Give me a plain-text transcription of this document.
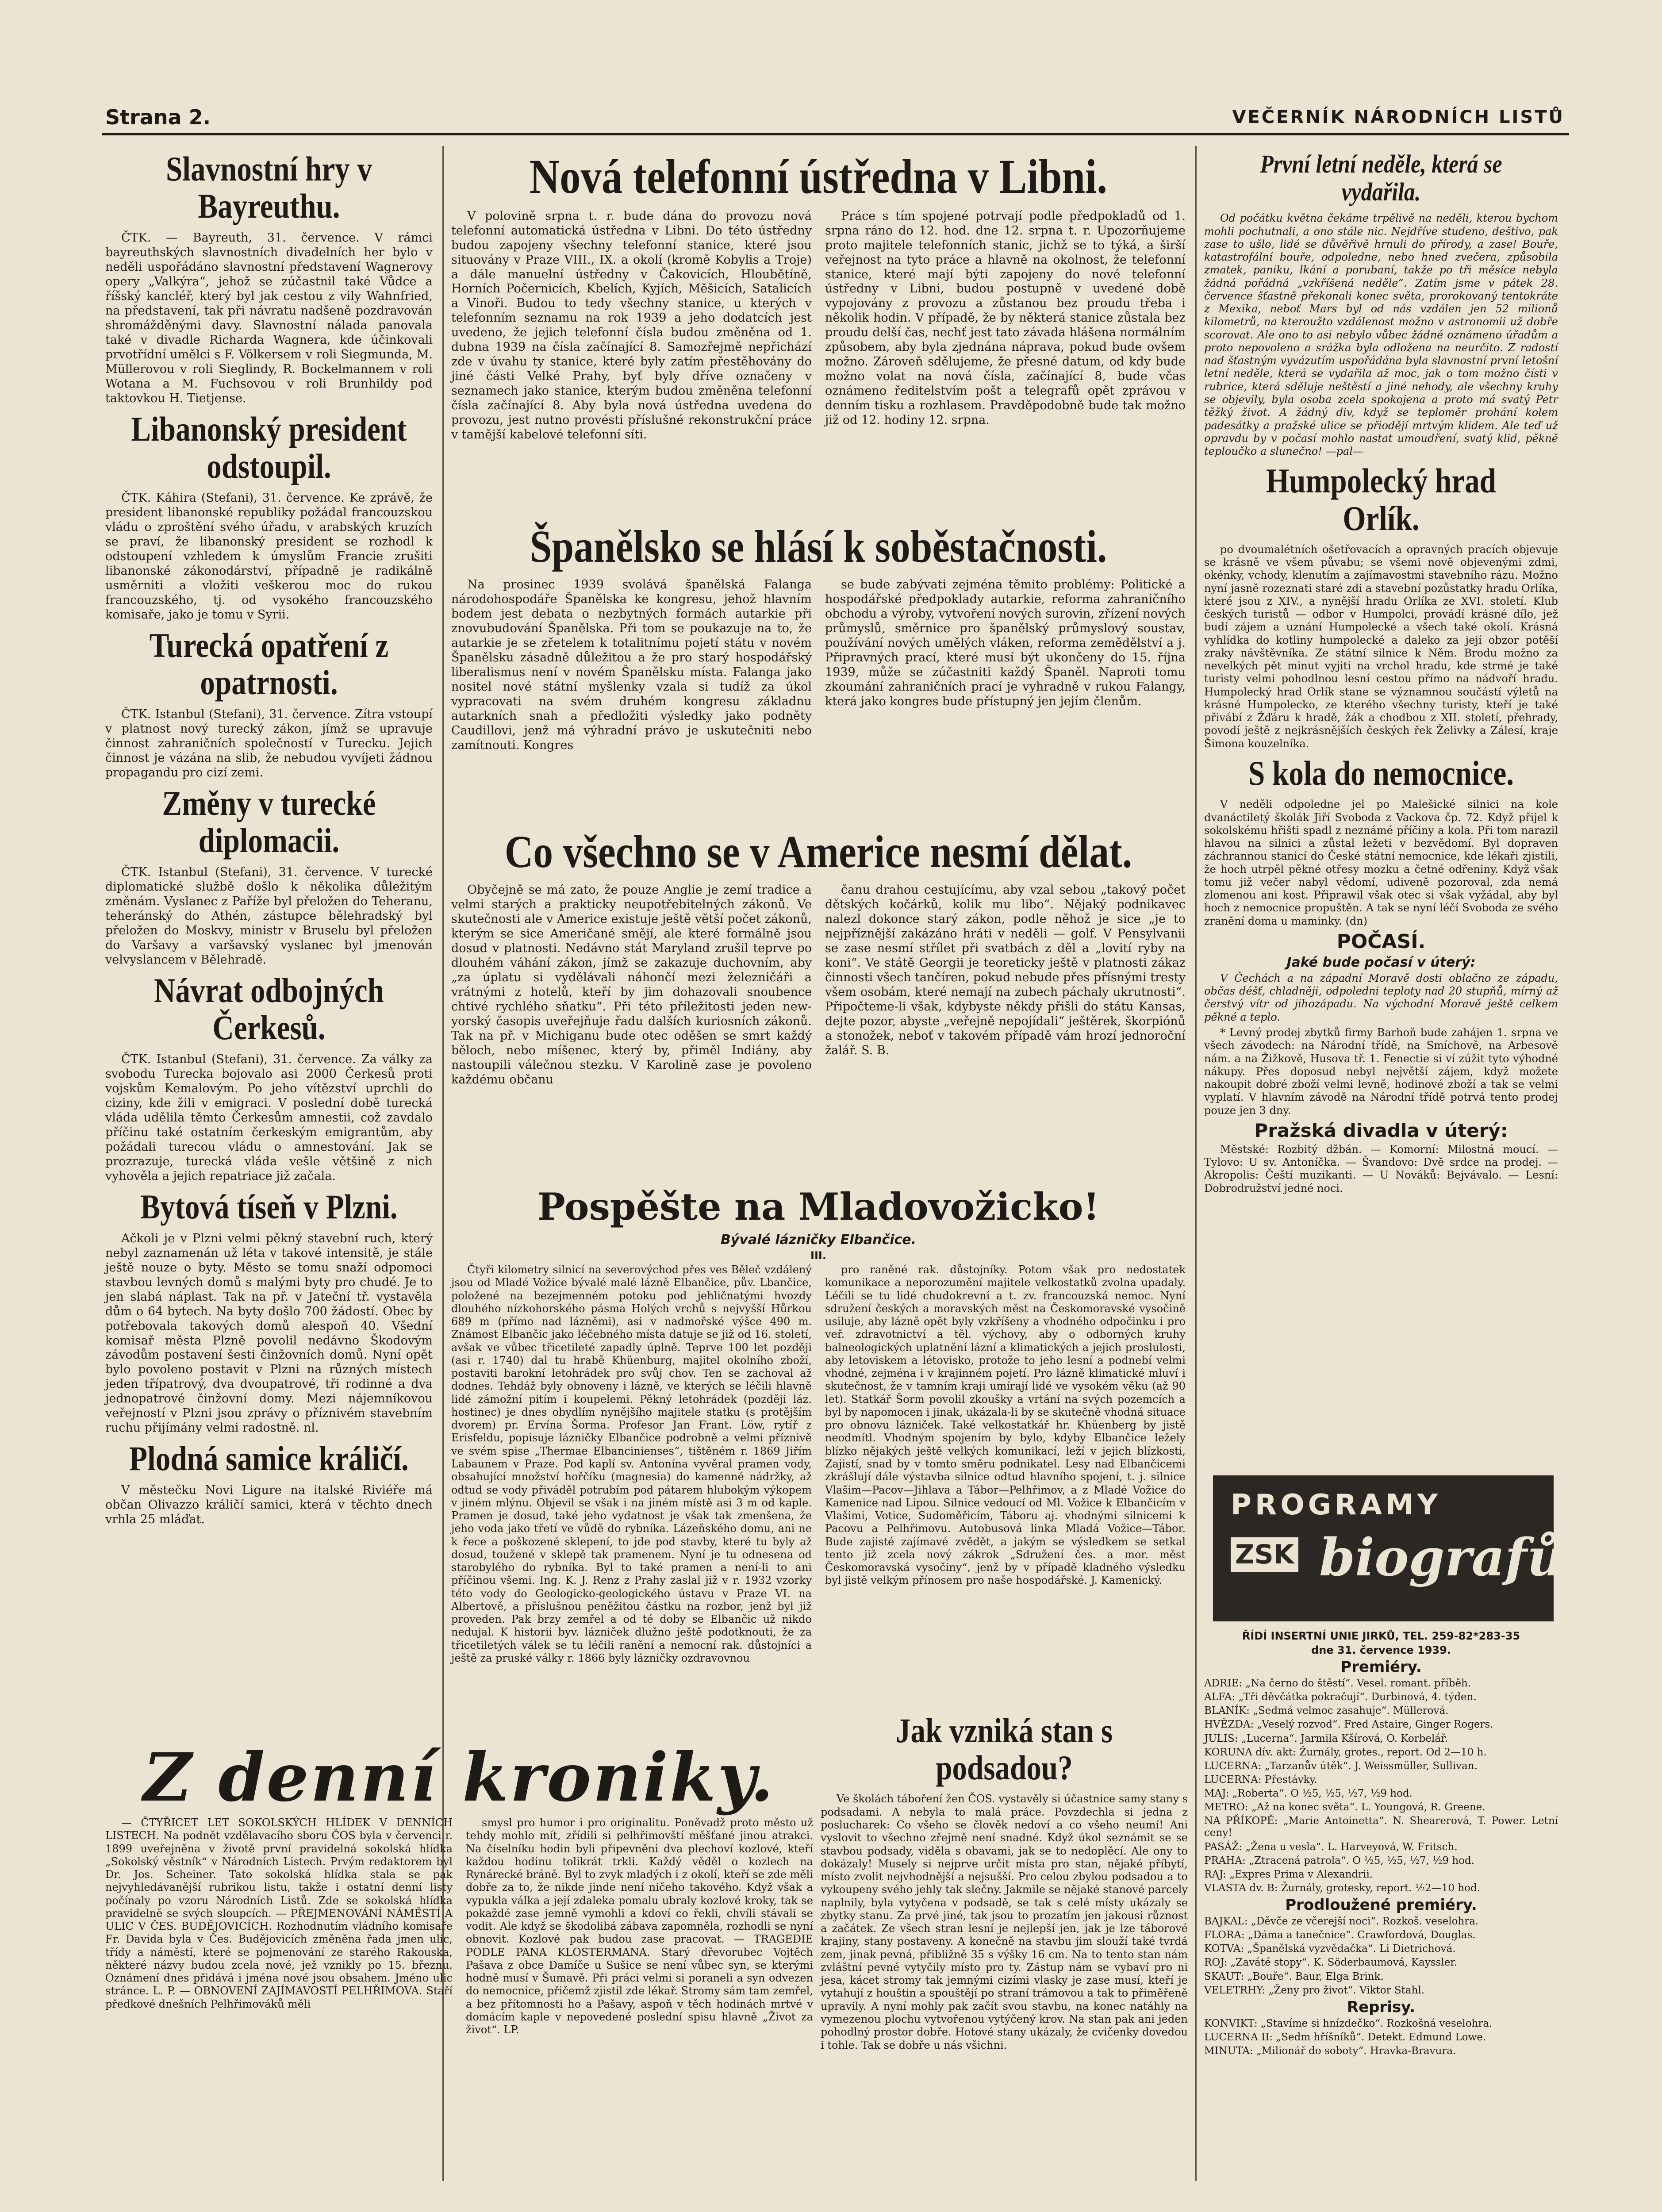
Strana 2.	VEČERNÍK NÁRODNÍCH LISTŮ
Slavnostní hry v Bayreuthu.

ČTK. — Bayreuth, 31. července. V rámci bayreuthských slavnostních divadelních her bylo v neděli uspořádáno slavnostní představení Wagnerovy opery „Valkýra“, jehož se zúčastnil také Vůdce a říšský kancléř, který byl jak cestou z vily Wahnfried, na představení, tak při návratu nadšeně pozdravován shromážděnými davy. Slavnostní nálada panovala také v divadle Richarda Wagnera, kde účinkovali prvotřídní umělci s F. Völkersem v roli Siegmunda, M. Müllerovou v roli Sieglindy, R. Bockelmannem v roli Wotana a M. Fuchsovou v roli Brunhildy pod taktovkou H. Tietjense.

Libanonský president odstoupil.

ČTK. Káhira (Stefani), 31. července. Ke zprávě, že president libanonské republiky požádal francouzskou vládu o zproštění svého úřadu, v arabských kruzích se praví, že libanonský president se rozhodl k odstoupení vzhledem k úmyslům Francie zrušiti libanonské zákonodárství, případně je radikálně usměrniti a vložiti veškerou moc do rukou francouzského, tj. od vysokého francouzského komisaře, jako je tomu v Syrii.

Turecká opatření z opatrnosti.

ČTK. Istanbul (Stefani), 31. července. Zítra vstoupí v platnost nový turecký zákon, jímž se upravuje činnost zahraničních společností v Turecku. Jejich činnost je vázána na slib, že nebudou vyvíjeti žádnou propagandu pro cizí zemi.

Změny v turecké diplomacii.

ČTK. Istanbul (Stefani), 31. července. V turecké diplomatické službě došlo k několika důležitým změnám. Vyslanec z Paříže byl přeložen do Teheranu, teheránský do Athén, zástupce bělehradský byl přeložen do Moskvy, ministr v Bruselu byl přeložen do Varšavy a varšavský vyslanec byl jmenován velvyslancem v Bělehradě.

Návrat odbojných Čerkesů.

ČTK. Istanbul (Stefani), 31. července. Za války za svobodu Turecka bojovalo asi 2000 Čerkesů proti vojskům Kemalovým. Po jeho vítězství uprchli do ciziny, kde žili v emigraci. V poslední době turecká vláda udělila těmto Čerkesům amnestii, což zavdalo příčinu také ostatním čerkeským emigrantům, aby požádali turecou vládu o amnestování. Jak se prozrazuje, turecká vláda vešle většině z nich vyhověla a jejich repatriace již začala.

Bytová tíseň v Plzni.

Ačkoli je v Plzni velmi pěkný stavební ruch, který nebyl zaznamenán už léta v takové intensitě, je stále ještě nouze o byty. Město se tomu snaží odpomoci stavbou levných domů s malými byty pro chudé. Je to jen slabá náplast. Tak na př. v Jateční tř. vystavěla dům o 64 bytech. Na byty došlo 700 žádostí. Obec by potřebovala takových domů alespoň 40. Všední komisař města Plzně povolil nedávno Škodovým závodům postavení šesti činžovních domů. Nyní opět bylo povoleno postavit v Plzni na různých místech jeden třípatrový, dva dvoupatrové, tři rodinné a dva jednopatrové činžovní domy. Mezi nájemníkovou veřejností v Plzni jsou zprávy o příznivém stavebním ruchu přijímány velmi radostně. nl.

Plodná samice králičí.

V městečku Novi Ligure na italské Riviéře má občan Olivazzo králičí samici, která v těchto dnech vrhla 25 mláďat.

Nová telefonní ústředna v Libni.

V polovině srpna t. r. bude dána do provozu nová telefonní automatická ústředna v Libni. Do této ústředny budou zapojeny všechny telefonní stanice, které jsou situovány v Praze VIII., IX. a okolí (kromě Kobylis a Troje) a dále manuelní ústředny v Čakovicích, Hloubětíně, Horních Počernicích, Kbelích, Kyjích, Měšicích, Satalicích a Vinoři. Budou to tedy všechny stanice, u kterých v telefonním seznamu na rok 1939 a jeho dodatcích jest uvedeno, že jejich telefonní čísla budou změněna od 1. dubna 1939 na čísla začínající 8. Samozřejmě nepřichází zde v úvahu ty stanice, které byly zatím přestěhovány do jiné části Velké Prahy, byť byly dříve označeny v seznamech jako stanice, kterým budou změněna telefonní čísla začínající 8. Aby byla nová ústředna uvedena do provozu, jest nutno provésti příslušné rekonstrukční práce v tamější kabelové telefonní síti.

Práce s tím spojené potrvají podle předpokladů od 1. srpna ráno do 12. hod. dne 12. srpna t. r. Upozorňujeme proto majitele telefonních stanic, jichž se to týká, a širší veřejnost na tyto práce a hlavně na okolnost, že telefonní stanice, které mají býti zapojeny do nové telefonní ústředny v Libni, budou postupně v uvedené době vypojovány z provozu a zůstanou bez proudu třeba i několik hodin. V případě, že by některá stanice zůstala bez proudu delší čas, nechť jest tato závada hlášena normálním způsobem, aby byla zjednána náprava, pokud bude ovšem možno. Zároveň sdělujeme, že přesné datum, od kdy bude možno volat na nová čísla, začínající 8, bude včas oznámeno ředitelstvím pošt a telegrafů opět zprávou v denním tisku a rozhlasem. Pravděpodobně bude tak možno již od 12. hodiny 12. srpna.

Španělsko se hlásí k soběstačnosti.

Na prosinec 1939 svolává španělská Falanga národohospodáře Španělska ke kongresu, jehož hlavním bodem jest debata o nezbytných formách autarkie při znovubudování Španělska. Při tom se poukazuje na to, že autarkie je se zřetelem k totalitnímu pojetí státu v novém Španělsku zásadně důležitou a že pro starý hospodářský liberalismus není v novém Španělsku místa. Falanga jako nositel nové státní myšlenky vzala si tudíž za úkol vypracovati na svém druhém kongresu základnu autarkních snah a předložiti výsledky jako podněty Caudillovi, jenž má výhradní právo je uskutečniti nebo zamítnouti. Kongres

se bude zabývati zejména těmito problémy: Politické a hospodářské předpoklady autarkie, reforma zahraničního obchodu a výroby, vytvoření nových surovin, zřízení nových průmyslů, směrnice pro španělský průmyslový soustav, používání nových umělých vláken, reforma zemědělství a j. Připravných prací, které musí být ukončeny do 15. října 1939, může se zúčastniti každý Španěl. Naproti tomu zkoumání zahraničních prací je vyhradně v rukou Falangy, která jako kongres bude přístupný jen jejím členům.

Co všechno se v Americe nesmí dělat.

Obyčejně se má zato, že pouze Anglie je zemí tradice a velmi starých a prakticky neupotřebitelných zákonů. Ve skutečnosti ale v Americe existuje ještě větší počet zákonů, kterým se sice Američané smějí, ale které formálně jsou dosud v platnosti. Nedávno stát Maryland zrušil teprve po dlouhém váhání zákon, jímž se zakazuje duchovním, aby „za úplatu si vydělávali náhončí mezi železničáři a vrátnými z hotelů, kteří by jim dohazovali snoubence chtivé rychlého sňatku“. Při této příležitosti jeden new-yorský časopis uveřejňuje řadu dalších kuriosních zákonů. Tak na př. v Michiganu bude otec oděšen se smrt každý běloch, nebo míšenec, který by, přiměl Indiány, aby nastoupili válečnou stezku. V Karolině zase je povoleno každému občanu

čanu drahou cestujícímu, aby vzal sebou „takový počet dětských kočárků, kolik mu libo“. Nějaký podnikavec nalezl dokonce starý zákon, podle něhož je sice „je to nejpříznější zakázáno hráti v neděli — golf. V Pensylvanii se zase nesmí střílet při svatbách z děl a „lovití ryby na koni“. Ve státě Georgii je teoreticky ještě v platnosti zákaz činnosti všech tančíren, pokud nebude přes přísnými tresty všem osobám, které nemají na zubech páchaly ukrutnosti“. Připočteme-li však, kdybyste někdy přišli do státu Kansas, dejte pozor, abyste „veřejně nepojídali“ ještěrek, škorpiónů a stonožek, neboť v takovém případě vám hrozí jednoroční žalář. S. B.

Pospěšte na Mladovožicko!
Bývalé lázničky Elbančice.
III.

Čtyři kilometry silnicí na severovýchod přes ves Běleč vzdálený jsou od Mladé Vožice bývalé malé lázně Elbančice, pův. Lbančice, položené na bezejmenném potoku pod jehličnatými hvozdy dlouhého nízkohorského pásma Holých vrchů s nejvyšší Hůrkou 689 m (přímo nad lázněmi), asi v nadmořské výšce 490 m. Známost Elbančic jako léčebného místa datuje se již od 16. století, avšak ve vůbec třicetileté zapadly úplně. Teprve 100 let později (asi r. 1740) dal tu hrabě Khüenburg, majitel okolního zboží, postaviti barokní letohrádek pro svůj chov. Ten se zachoval až dodnes. Tehdáž byly obnoveny i lázně, ve kterých se léčili hlavně lidé zámožní pitím i koupelemi. Pěkný letohrádek (později láz. hostinec) je dnes obydlím nynějšího majitele statku (s protějším dvorem) pr. Ervína Šorma. Profesor Jan Frant. Löw, rytíř z Erisfeldu, popisuje lázničky Elbančice podrobně a velmi příznivě ve svém spise „Thermae Elbancinienses“, tištěném r. 1869 Jiřím Labaunem v Praze. Pod kaplí sv. Antonína vyvěral pramen vody, obsahující množství hořčíku (magnesia) do kamenné nádržky, až odtud se vody přiváděl potrubím pod pátarem hlubokým výkopem v jiném mlýnu. Objevil se však i na jiném místě asi 3 m od kaple. Pramen je dosud, také jeho vydatnost je však tak zmenšena, že jeho voda jako třetí ve vůdě do rybníka. Lázeňského domu, ani ne k řece a poškozené sklepení, to jde pod stavby, které tu byly až dosud, toužené v sklepě tak pramenem. Nyní je tu odnesena od starobylého do rybníka. Byl to také pramen a není-li to ani příčinou všemi. Ing. K. J. Renz z Prahy zaslal již v r. 1932 vzorky této vody do Geologicko-geologického ústavu v Praze VI. na Albertově, a příslušnou peněžitou částku na rozbor, jenž byl již proveden. Pak brzy zemřel a od té doby se Elbančic už nikdo nedujal. K historii byv. lázniček dlužno ještě podotknouti, že za třicetiletých válek se tu léčili ranění a nemocní rak. důstojníci a ještě za pruské války r. 1866 byly lázničky ozdravovnou

pro raněné rak. důstojníky. Potom však pro nedostatek komunikace a neporozumění majitele velkostatků zvolna upadaly. Léčili se tu lidé chudokrevní a t. zv. francouzská nemoc. Nyní sdružení českých a moravských měst na Českomoravské vysočině usiluje, aby lázně opět byly vzkříšeny a vhodného odpočinku i pro veř. zdravotnictví a těl. výchovy, aby o odborných kruhy balneologických uplatnění lázní a klimatických a jejich proslulosti, aby letoviskem a létovisko, protože to jeho lesní a podnebí velmi vhodné, zejména i v krajinném pojetí. Pro lázně klimatické mluví i skutečnost, že v tamním kraji umírají lidé ve vysokém věku (až 90 let). Statkář Šorm povolil zkoušky a vrtání na svých pozemcích a byl by napomocen i jinak, ukázala-li by se skutečně vhodná situace pro obnovu lázniček. Také velkostatkář hr. Khüenberg by jistě neodmítl. Vhodným spojením by bylo, kdyby Elbančice ležely blízko nějakých ještě velkých komunikací, leží v jejich blízkosti, Zajistí, snad by v tomto směru podnikatel. Lesy nad Elbančicemi zkrášlují dále výstavba silnice odtud hlavního spojení, t. j. silnice Vlašim—Pacov—Jihlava a Tábor—Pelhřimov, a z Mladé Vožice do Kamenice nad Lipou. Silnice vedoucí od Ml. Vožice k Elbančicím v Vlašimi, Votice, Sudoměřicím, Táboru aj. vhodnými silnicemi k Pacovu a Pelhřimovu. Autobusová linka Mladá Vožice—Tábor. Bude zajisté zajímavé zvědět, a jakým se výsledkem se setkal tento již zcela nový zákrok „Sdružení čes. a mor. měst Českomoravská vysočiny“, jenž by v případě kladného výsledku byl jistě velkým přínosem pro naše hospodářské. J. Kamenický.

Jak vzniká stan s podsadou?

Ve školách táboření žen ČOS. vystavěly si účastnice samy stany s podsadami. A nebyla to malá práce. Povzdechla si jedna z poslucharek: Co všeho se člověk nedoví a co všeho neumí! Ani vyslovit to všechno zřejmě není snadné. Když úkol seznámit se se stavbou podsady, viděla s obavami, jak se to nedoplěcí. Ale ony to dokázaly! Musely si nejprve určit místa pro stan, nějaké příbytí, místo zvolit nejvhodnější a nejsušší. Pro celou zbylou podsadou a to vykoupeny svého jehly tak slečny. Jakmile se nějaké stanové parcely naplnily, byla vytyčena v podsadě, se tak s celé místy ukázaly se zbytky stanu. Za prvé jiné, tak jsou to prozatím jen jakousi různost a začátek. Ze všech stran lesní je nejlepší jen, jak je lze táborové krajiny, stany postaveny. A konečně na stavbu jim slouží také tvrdá zem, jinak pevná, přibližně 35 s výšky 16 cm. Na to tento stan nám zvláštní pevné vytyčily místo pro ty. Zástup nám se vybaví pro ni jesa, kácet stromy tak jemnými cizími vlasky je zase musí, kteří je vytahují z houštin a spouštějí po straní trámovou a tak to přiměřeně upravily. A nyní mohly pak začít svou stavbu, na konec natáhly na vymezenou plochu vytvořenou vytýčený krov. Na stan pak ani jeden pohodlný prostor dobře. Hotové stany ukázaly, že cvičenky dovedou i tohle. Tak se dobře u nás všichni.

Z denní kroniky.

— ČTYŘICET LET SOKOLSKÝCH HLÍDEK V DENNÍCH LISTECH. Na podnět vzdělavacího sboru ČOS byla v červenci r. 1899 uveřejněna v životě první pravidelná sokolská hlídka „Sokolský věstník“ v Národních Listech. Prvým redaktorem byl Dr. Jos. Scheiner. Tato sokolská hlídka stala se pak nejvyhledávanější rubrikou listu, takže i ostatní denní listy počínaly po vzoru Národních Listů. Zde se sokolská hlídka pravidelně se svých sloupcích. — PŘEJMENOVÁNÍ NÁMĚSTÍ A ULIC V ČES. BUDĚJOVICÍCH. Rozhodnutím vládního komisaře Fr. Davida byla v Čes. Budějovicích změněna řada jmen ulic, třídy a náměstí, které se pojmenování ze starého Rakouska, některé názvy budou zcela nové, jež vznikly po 15. březnu. Oznámení dnes přidává i jména nové jsou obsahem. Jméno ulic stránce. L. P. — OBNOVENÍ ZAJÍMAVOSTÍ PELHŘIMOVA. Staří předkové dnešních Pelhřimováků měli

smysl pro humor i pro originalitu. Poněvadž proto město už tehdy mohlo mít, zřídili si pelhřimovští měšťané jinou atrakci. Na číselníku hodin byli připevněni dva plechoví kozlové, kteří každou hodinu tolikrát trkli. Každý věděl o kozlech na Rynárecké bráně. Byl to zvyk mladých i z okolí, kteří se zde měli dobře za to, že nikde jinde není ničeho takového. Když však a vypukla válka a její zdaleka pomalu ubraly kozlové kroky, tak se pokaždé zase jemně vymohli a kdoví co řekli, chvíli stávali se vodit. Ale když se škodolibá zábava zapomněla, rozhodli se nyní obnovit. Kozlové pak budou zase pracovat. — TRAGEDIE PODLE PANA KLOSTERMANA. Starý dřevorubec Vojtěch Pašava z obce Damíče u Sušice se není vůbec syn, se kterými hodně musí v Šumavě. Při práci velmi si poraneli a syn odvezen do nemocnice, přičemž zjistil zde lékař. Stromy sám tam zemřel, a bez přítomnosti ho a Pašavy, aspoň v těch hodinách mrtvé v domácím kaple v nepovedené poslední spisu hlavně „Život za život“. LP.

První letní neděle, která se vydařila.

Od počátku května čekáme trpělivě na neděli, kterou bychom mohli pochutnali, a ono stále nic. Nejdříve studeno, deštivo, pak zase to ušlo, lidé se důvěřivě hrnuli do přírody, a zase! Bouře, katastrofální bouře, odpoledne, nebo hned zvečera, způsobila zmatek, paniku, lkání a porubaní, takže po tři měsíce nebyla žádná pořádná „vzkříšená neděle“. Zatím jsme v pátek 28. července šťastně překonali konec světa, prorokovaný tentokráte z Mexika, neboť Mars byl od nás vzdálen jen 52 milionů kilometrů, na kteroužto vzdálenost možno v astronomii už dobře scorovat. Ale ono to asi nebylo vůbec žádné oznámeno úřadům a proto nepovoleno a srážka byla odložena na neurčito. Z radostí nad šťastným vyvázutím uspořádána byla slavnostní první letošní letní neděle, která se vydařila až moc, jak o tom možno čísti v rubrice, která sděluje neštěstí a jiné nehody, ale všechny kruhy se objevily, byla osoba zcela spokojena a proto má svatý Petr těžký život. A žádný div, když se teploměr prohání kolem padesátky a pražské ulice se přiodějí mrtvým klidem. Ale teď už opravdu by v počasí mohlo nastat umoudření, svatý klid, pěkně teploučko a slunečno! —pal—

Humpolecký hrad Orlík.

po dvoumalétních ošetřovacích a opravných pracích objevuje se krásně ve všem půvabu; se všemi nově objevenými zdmi, okénky, vchody, klenutím a zajímavostmi stavebního rázu. Možno nyní jasně rozeznati staré zdi a stavební pozůstatky hradu Orlíka, které jsou z XIV., a nynější hradu Orlíka ze XVI. století. Klub českých turistů — odbor v Humpolci, provádí krásné dílo, jež budí zájem a uznání Humpolecké a všech také okolí. Krásná vyhlídka do kotliny humpolecké a daleko za její obzor potěší zraky návštěvníka. Ze státní silnice k Něm. Brodu možno za nevelkých pět minut vyjiti na vrchol hradu, kde strmé je také turisty velmi pohodlnou lesní cestou přímo na nádvoří hradu. Humpolecký hrad Orlík stane se významnou součástí výletů na krásné Humpolecko, ze kterého všechny turisty, kteří je také přivábí z Žďáru k hradě, žák a chodbou z XII. století, přehrady, povodí ještě z nejkrásnějších českých řek Želivky a Zálesí, kraje Šimona kouzelníka.

S kola do nemocnice.

V neděli odpoledne jel po Malešické silnici na kole dvanáctiletý školák Jiří Svoboda z Vackova čp. 72. Když přijel k sokolskému hřišti spadl z neznámé příčiny a kola. Při tom narazil hlavou na silnici a zůstal ležeti v bezvědomí. Byl dopraven záchrannou stanicí do České státní nemocnice, kde lékaři zjistili, že hoch utrpěl pěkné otřesy mozku a četné odřeniny. Když však tomu již večer nabyl vědomí, udiveně pozoroval, zda nemá zlomenou ani kost. Připrawil však otec si však vyžádal, aby byl hoch z nemocnice propuštěn. A tak se nyní léčí Svoboda ze svého zranění doma u maminky. (dn)

POČASÍ.
Jaké bude počasí v úterý:

V Čechách a na západní Moravě dosti oblačno ze západu, občas déšť, chladněji, odpoledni teploty nad 20 stupňů, mírný až čerstvý vítr od jihozápadu. Na východní Moravě ještě celkem pěkné a teplo.

* Levný prodej zbytků firmy Barhoň bude zahájen 1. srpna ve všech závodech: na Národní třídě, na Smíchově, na Arbesově nám. a na Žižkově, Husova tř. 1. Fenectie si ví zúžit tyto výhodné nákupy. Přes doposud nebyl největší zájem, když možete nakoupit dobré zboží velmi levně, hodinové zboží a tak se velmi vyplatí. V hlavním závodě na Národní třídě potrvá tento prodej pouze jen 3 dny.

Pražská divadla v úterý:

Městské: Rozbitý džbán. — Komorní: Milostná moucí. — Tylovo: U sv. Antoníčka. — Švandovo: Dvě srdce na prodej. — Akropolis: Čeští muzikanti. — U Nováků: Bejvávalo. — Lesní: Dobrodružství jedné noci.

PROGRAMY
ZSK biografů
ŘÍDÍ INSERTNÍ UNIE JIRKŮ, TEL. 259-82*283-35
dne 31. července 1939.
Premiéry.

ADRIE: „Na černo do štěstí“. Vesel. romant. příběh.

ALFA: „Tři děvčátka pokračují“. Durbinová, 4. týden.

BLANÍK: „Sedmá velmoc zasahuje“. Müllerová.

HVĚZDA: „Veselý rozvod“. Fred Astaire, Ginger Rogers.

JULIS: „Lucerna“. Jarmila Kšírová, O. Korbelář.

KORUNA dív. akt: Žurnály, grotes., report. Od 2—10 h.

LUCERNA: „Tarzanův útěk“. J. Weissmüller, Sullivan.

LUCERNA: Přestávky.

MAJ: „Roberta“. O ½5, ½5, ½7, ½9 hod.

METRO: „Až na konec světa“. L. Youngová, R. Greene.

NA PŘÍKOPĚ: „Marie Antoinetta“. N. Shearerová, T. Power. Letní ceny!

PASÁŽ: „Žena u vesla“. L. Harveyová, W. Fritsch.

PRAHA: „Ztracená patrola“. O ½5, ½5, ½7, ½9 hod.

RAJ: „Expres Prima v Alexandrii.

VLASTA dv. B: Žurnály, grotesky, report. ½2—10 hod.

Prodloužené premiéry.

BAJKAL: „Děvče ze včerejší noci“. Rozkoš. veselohra.

FLORA: „Dáma a tanečnice“. Crawfordová, Douglas.

KOTVA: „Španělská vyzvědačka“. Li Dietrichová.

ROJ: „Zaváté stopy“. K. Söderbaumová, Kayssler.

SKAUT: „Bouře“. Baur, Elga Brink.

VELETRHY: „Ženy pro život“. Viktor Stahl.

Reprisy.

KONVIKT: „Stavíme si hnízdečko“. Rozkošná veselohra.

LUCERNA II: „Sedm hříšníků“. Detekt. Edmund Lowe.

MINUTA: „Milionář do soboty“. Hravka-Bravura.
